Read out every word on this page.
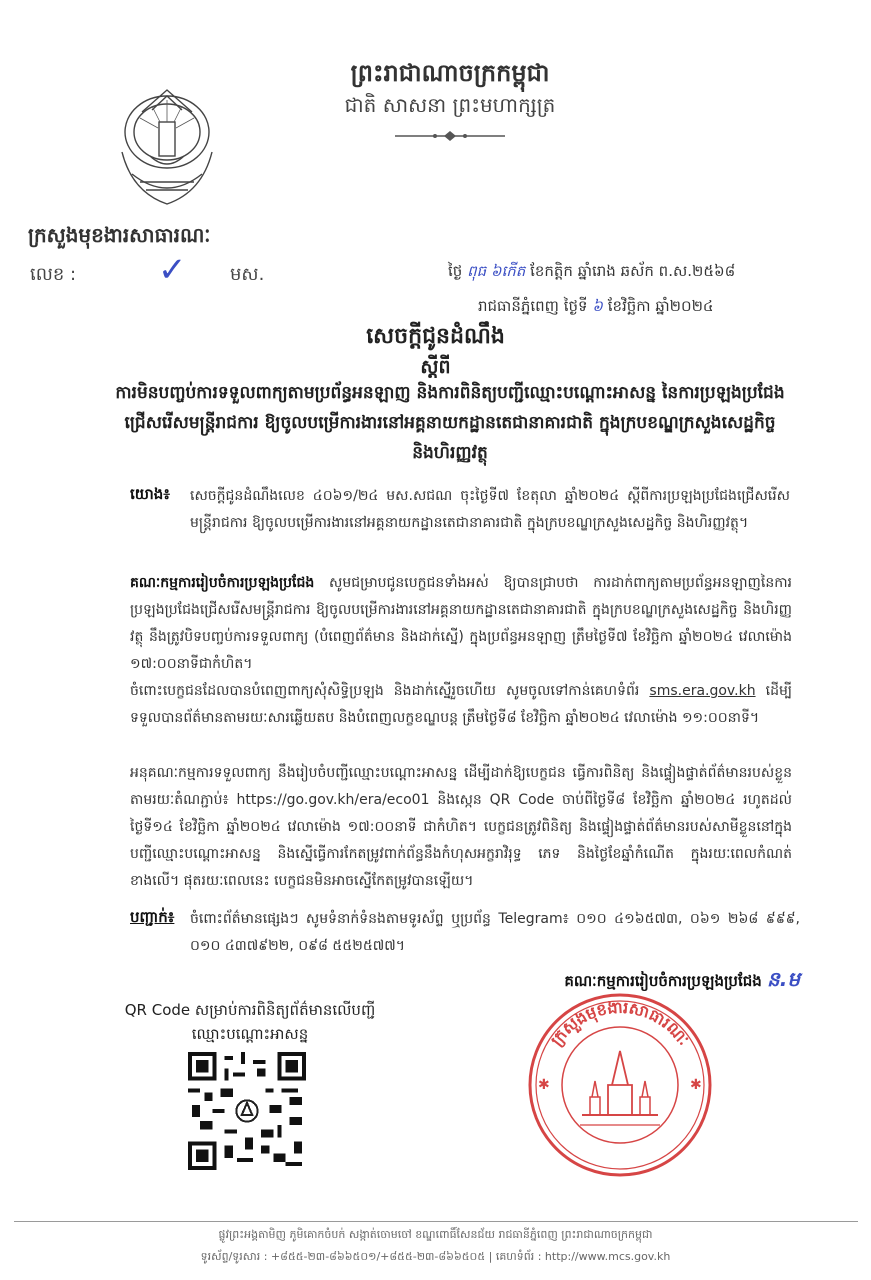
ព្រះរាជាណាចក្រកម្ពុជា
ជាតិ សាសនា ព្រះមហាក្សត្រ
ក្រសួងមុខងារសាធារណៈ
លេខ : ✓ មស.	ថ្ងៃ ពុធ ៦កើត ខែកត្តិក ឆ្នាំរោង ឆស័ក ព.ស.២៥៦៨
រាជធានីភ្នំពេញ ថ្ងៃទី ៦ ខែវិច្ឆិកា ឆ្នាំ២០២៤
សេចក្តីជូនដំណឹង
ស្តីពី
ការមិនបញ្ចប់ការទទួលពាក្យតាមប្រព័ន្ធអនឡាញ និងការពិនិត្យបញ្ជីឈ្មោះបណ្តោះអាសន្ន នៃការប្រឡងប្រជែងជ្រើសរើសមន្ត្រីរាជការ ឱ្យចូលបម្រើការងារនៅអគ្គនាយកដ្ឋានតេជានាគារជាតិ ក្នុងក្របខណ្ឌក្រសួងសេដ្ឋកិច្ច និងហិរញ្ញវត្ថុ
យោង៖ សេចក្តីជូនដំណឹងលេខ ៤០៦១/២៤ មស.សជណ ចុះថ្ងៃទី៧ ខែតុលា ឆ្នាំ២០២៤ ស្តីពីការប្រឡងប្រជែងជ្រើសរើសមន្ត្រីរាជការ ឱ្យចូលបម្រើការងារនៅអគ្គនាយកដ្ឋានតេជានាគារជាតិ ក្នុងក្របខណ្ឌក្រសួងសេដ្ឋកិច្ច និងហិរញ្ញវត្ថុ។
គណៈកម្មការរៀបចំការប្រឡងប្រជែង សូមជម្រាបជូនបេក្ខជនទាំងអស់ ឱ្យបានជ្រាបថា ការដាក់ពាក្យតាមប្រព័ន្ធអនឡាញនៃការប្រឡងប្រជែងជ្រើសរើសមន្ត្រីរាជការ ឱ្យចូលបម្រើការងារនៅអគ្គនាយកដ្ឋានតេជានាគារជាតិ ក្នុងក្របខណ្ឌក្រសួងសេដ្ឋកិច្ច និងហិរញ្ញវត្ថុ នឹងត្រូវបិទបញ្ចប់ការទទួលពាក្យ (បំពេញព័ត៌មាន និងដាក់ស្នើ) ក្នុងប្រព័ន្ធអនឡាញ ត្រឹមថ្ងៃទី៧ ខែវិច្ឆិកា ឆ្នាំ២០២៤ វេលាម៉ោង ១៧:០០នាទីជាកំហិត។
ចំពោះបេក្ខជនដែលបានបំពេញពាក្យសុំសិទ្ធិប្រឡង និងដាក់ស្នើរួចហើយ សូមចូលទៅកាន់គេហទំព័រ sms.era.gov.kh ដើម្បីទទួលបានព័ត៌មានតាមរយៈសារឆ្លើយតប និងបំពេញលក្ខខណ្ឌបន្ត ត្រឹមថ្ងៃទី៨ ខែវិច្ឆិកា ឆ្នាំ២០២៤ វេលាម៉ោង ១១:០០នាទី។
អនុគណៈកម្មការទទួលពាក្យ នឹងរៀបចំបញ្ជីឈ្មោះបណ្តោះអាសន្ន ដើម្បីដាក់ឱ្យបេក្ខជន ធ្វើការពិនិត្យ និងផ្ទៀងផ្ទាត់ព័ត៌មានរបស់ខ្លួន តាមរយៈតំណភ្ជាប់៖ https://go.gov.kh/era/eco01 និងស្កេន QR Code ចាប់ពីថ្ងៃទី៨ ខែវិច្ឆិកា ឆ្នាំ២០២៤ រហូតដល់ថ្ងៃទី១៤ ខែវិច្ឆិកា ឆ្នាំ២០២៤ វេលាម៉ោង ១៧:០០នាទី ជាកំហិត។ បេក្ខជនត្រូវពិនិត្យ និងផ្ទៀងផ្ទាត់ព័ត៌មានរបស់សាមីខ្លួននៅក្នុងបញ្ជីឈ្មោះបណ្តោះអាសន្ន និងស្នើធ្វើការកែតម្រូវពាក់ព័ន្ធនឹងកំហុសអក្ខរាវិរុទ្ធ ភេទ និងថ្ងៃខែឆ្នាំកំណើត ក្នុងរយៈពេលកំណត់ខាងលើ។ ផុតរយៈពេលនេះ បេក្ខជនមិនអាចស្នើកែតម្រូវបានឡើយ។
បញ្ជាក់៖ ចំពោះព័ត៌មានផ្សេងៗ សូមទំនាក់ទំនងតាមទូរស័ព្ទ ឬប្រព័ន្ធ Telegram៖ ០១០ ៤១៦៥៧៣, ០៦១ ២៦៨ ៩៩៩, ០១០ ៤៣៧៩២២, ០៩៨ ៥៥២៥៧៧។
គណៈកម្មការរៀបចំការប្រឡងប្រជែង ន.ម
QR Code សម្រាប់ការពិនិត្យព័ត៌មានលើបញ្ជីឈ្មោះបណ្តោះអាសន្ន
✱	✱
ក្រសួងមុខងារសាធារណៈ
ផ្លូវព្រះអង្គតាមិញ ភូមិគោកចំបក់ សង្កាត់ចោមចៅ ខណ្ឌពោធិ៍សែនជ័យ រាជធានីភ្នំពេញ ព្រះរាជាណាចក្រកម្ពុជា
ទូរស័ព្ទ/ទូរសារ : +៨៥៥-២៣-៨៦៦៥០១/+៨៥៥-២៣-៨៦៦៥០៥ | គេហទំព័រ : http://www.mcs.gov.kh
